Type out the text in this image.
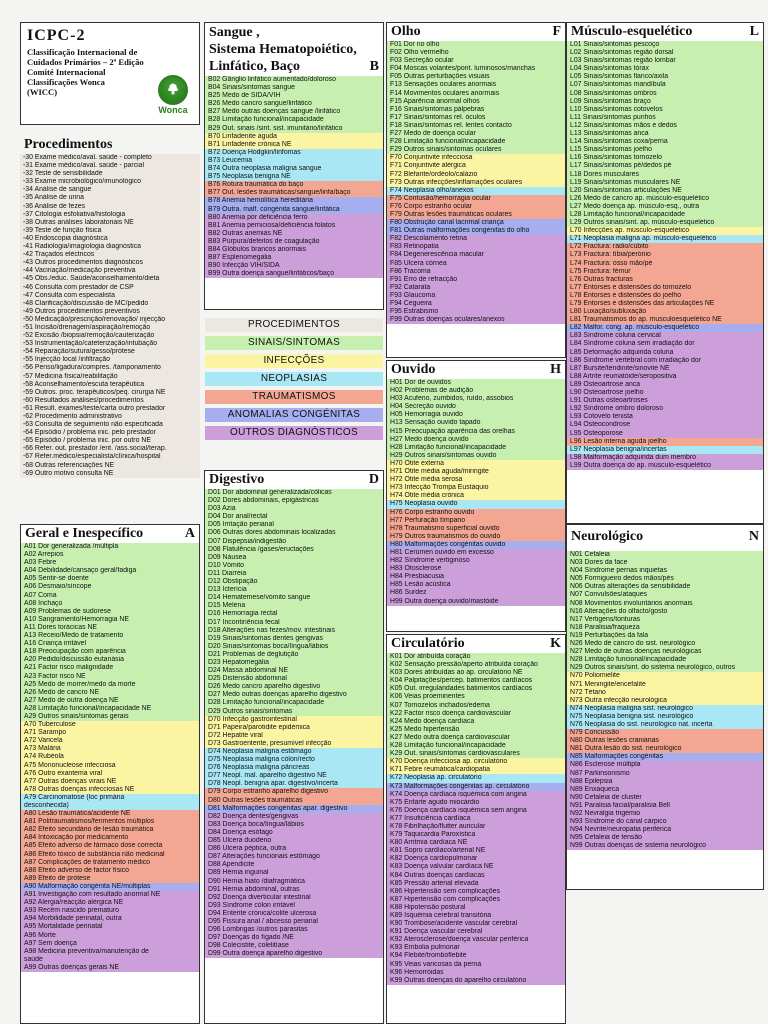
ICPC-2
Classificação Internacional de
Cuidados Primários – 2ª Edição
Comité Internacional
Classificações Wonca
(WICC)	✚
Wonca
Procedimentos
-30 Exame médico/aval. saúde - completo
-31 Exame médico/aval. saúde - parcial
-32 Teste de sensibilidade
-33 Exame microbiológico/imunológico
-34 Análise de sangue
-35 Análise de urina
-36 Análise de fezes
-37 Citologia esfoliativa/histologia
-38 Outras análises laboratoriais NE
-39 Teste de função física
-40 Endoscopia diagnóstica
-41 Radiologia/imagiologia diagnóstica
-42 Traçados eléctricos
-43 Outros procedimentos diagnósticos
-44 Vacinação/medicação preventiva
-45 Obs./educ. Saúde/aconselhamento/dieta
-46 Consulta com prestador de CSP
-47 Consulta com especialista
-48 Clarificação/discussão de MC/pedido
-49 Outros procedimentos preventivos
-50 Medicação/prescrição/renovação/ injecção
-51 Incisão/drenagem/aspiração/remoção
-52 Excisão /biopsia/remoção/cauterização
-53 Instrumentação/cateterização/intubação
-54 Reparação/sutura/gesso/prótese
-55 Injecção local /infiltração
-56 Penso/ligadura/compres. /tamponamento
-57 Medicina física/reabilitação
-58 Aconselhamento/escuta terapêutica
-59 Outros. proc. terapêuticos/peq. cirurgia NE
-60 Resultados análises/procedimentos
-61 Result. exames/teste/carta outro prestador
-62 Procedimento administrativo
-63 Consulta de seguimento não especificada
-64 Episódio / problema inic. pelo prestador
-65 Episódio / problema inic. por outro NE
-66 Refer. out. prestador /ent. /ass.social/terap.
-67 Refer.médico/especialista/clínica/hospital
-68 Outras referenciações NE
-69 Outro motivo consulta NE
Geral e Inespecífico	A
A01 Dor generalizada /múltipla
A02 Arrepios
A03 Febre
A04 Debilidade/cansaço geral/fadiga
A05 Sentir-se doente
A06 Desmaio/síncope
A07 Coma
A08 Inchaço
A09 Problemas de sudorese
A10 Sangramento/Hemorragia NE
A11 Dores torácicas NE
A13 Receio/Medo de tratamento
A16 Criança irritável
A18 Preocupação com aparência
A20 Pedido/discussão eutanásia
A21 Factor risco malignidade
A23 Factor risco NE
A25 Medo de morrer/medo da morte
A26 Medo de cancro NE
A27 Medo de outra doença NE
A28 Limitação funcional/incapacidade NE
A29 Outros sinais/sintomas gerais
A70 Tuberculose
A71 Sarampo
A72 Varicela
A73 Malária
A74 Rubéola
A75 Mononucleose infecciosa
A76 Outro exantema viral
A77 Outras doenças virais NE
A78 Outras doenças infecciosas NE
A79 Carcinomatose (loc primária
desconhecida)
A80 Lesão traumática/acidente NE
A81 Politraumatismos/ferimentos múltiplos
A82 Efeito secundário de lesão traumática
A84 Intoxicação por medicamento
A85 Efeito adverso de fármaco dose correcta
A86 Efeito tóxico de substância não medicinal
A87 Complicações de tratamento médico
A88 Efeito adverso de factor físico
A89 Efeito de prótese
A90 Malformação congénita NE/múltiplas
A91 Investigação com resultado anormal NE
A92 Alergia/reacção alérgica NE
A93 Recém nascido prematuro
A94 Morbilidade perinatal, outra
A95 Mortalidade perinatal
A96 Morte
A97 Sem doença
A98 Medicina preventiva/manutenção de
saúde
A99 Outras doenças gerais NE
Sangue ,
Sistema Hematopoiético,
Linfático, Baço	B
B02 Gânglio linfático aumentado/doloroso
B04 Sinais/sintomas sangue
B25 Medo de SIDA/VIH
B26 Medo cancro sangue/linfático
B27 Medo outras doenças sangue /linfático
B28 Limitação funcional/incapacidade
B29 Out. sinais /sint. sist. imunitário/linfático
B70 Linfadenite aguda
B71 Linfadenite crónica NE
B72 Doença Hodgkin/linfomas
B73 Leucemia
B74 Outra neoplasia maligna sangue
B75 Neoplasia benigna NE
B76 Rotura traumática do baço
B77 Out. lesões traumáticas/sangue/linfa/baço
B78 Anemia hemolítica hereditária
B79 Outra. malf. congénita sangue/linfática
B80 Anemia por deficiência ferro
B81 Anemia perniciosa/deficiência folatos
B82 Outras anemias NE
B83 Púrpura/defeitos de coagulação
B84 Glóbulos brancos anormais
B87 Esplenomegália
B90 Infecção VIH/SIDA
B99 Outra doença sangue/linfáticos/baço
PROCEDIMENTOS
SINAIS/SINTOMAS
INFECÇÕES
NEOPLASIAS
TRAUMATISMOS
ANOMALIAS CONGÉNITAS
OUTROS DIAGNÓSTICOS
Digestivo	D
D01 Dor abdominal generalizada/cólicas
D02 Dores abdominais, epigástricas
D03 Azia
D04 Dor anal/rectal
D05 Irritação perianal
D06 Outras dores abdominais localizadas
D07 Dispepsia/indigestão
D08 Flatulência /gases/eructações
D09 Náusea
D10 Vómito
D11 Diarreia
D12 Obstipação
D13 Icterícia
D14 Hematemese/vómito sangue
D15 Melena
D16 Hemorragia rectal
D17 Incontinência fecal
D18 Alterações nas fezes/mov. intestinais
D19 Sinais/sintomas dentes gengivas
D20 Sinais/sintomas boca/língua/lábios
D21 Problemas de deglutição
D23 Hepatomegália
D24 Massa abdominal NE
D25 Distensão abdominal
D26 Medo cancro aparelho digestivo
D27 Medo outras doenças aparelho digestivo
D28 Limitação funcional/incapacidade
D29 Outros sinais/sintomas
D70 Infecção gastrointestinal
D71 Papeira/parotidite epidémica
D72 Hepatite viral
D73 Gastroenterite, presumível infecção
D74 Neoplasia maligna estômago
D75 Neoplasia maligna cólon/recto
D76 Neoplasia maligna pâncreas
D77 Neopl. mal. aparelho digestivo NE
D78 Neopl. benigna apar. digestivo/incerta
D79 Corpo estranho aparelho digestivo
D80 Outras lesões traumáticas
D81 Malformações congénitas apar. digestivo
D82 Doença dentes/gengivas
D83 Doença boca/língua/lábios
D84 Doença esófago
D85 Úlcera duodeno
D86 Úlcera péptica, outra
D87 Alterações funcionais estômago
D88 Apendicite
D89 Hérnia inguinal
D90 Hérnia hiato /diafragmática
D91 Hérnia abdominal, outras
D92 Doença diverticular intestinal
D93 Síndrome cólon irritável
D94 Enterite crónica/colite ulcerosa
D95 Fissura anal / abcesso perianal
D96 Lombrigas /outros parasitas
D97 Doenças do fígado /NE
D98 Colecistite, colelitíase
D99 Outra doença aparelho digestivo
Olho	F
F01 Dor no olho
F02 Olho vermelho
F03 Secreção ocular
F04 Moscas volantes/pont. luminosos/manchas
F05 Outras perturbações visuais
F13 Sensações oculares anormais
F14 Movimentos oculares anormais
F15 Aparência anormal olhos
F16 Sinais/sintomas pálpebras
F17 Sinais/sintomas rel. óculos
F18 Sinais/sintomas rel. lentes contacto
F27 Medo de doença ocular
F28 Limitação funcional/incapacidade
F29 Outros sinais/sintomas oculares
F70 Conjuntivite infecciosa
F71 Conjuntivite alérgica
F72 Blefarite/ordéolo/calázio
F73 Outras infecções/inflamações oculares
F74 Neoplasia olho/anexos
F75 Contusão/hemorragia ocular
F76 Corpo estranho ocular
F79 Outras lesões traumáticas oculares
F80 Obstrução canal lacrimal criança
F81 Outras malformações congénitas do olho
F82 Descolamento retina
F83 Retinopatia
F84 Degenerescência macular
F85 Úlcera córnea
F86 Tracoma
F91 Erro de refracção
F92 Catarata
F93 Glaucoma
F94 Cegueira
F95 Estrabismo
F99 Outras doenças oculares/anexos
Ouvido	H
H01 Dor de ouvidos
H02 Problemas de audição
H03 Acufeno, zumbidos, ruído, assobios
H04 Secreção ouvido
H05 Hemorragia ouvido
H13 Sensação ouvido tapado
H15 Preocupação aparência das orelhas
H27 Medo doença ouvido
H28 Limitação funcional/incapacidade
H29 Outros sinais/sintomas ouvido
H70 Otite externa
H71 Otite média aguda/miringite
H72 Otite média serosa
H73 Infecção Trompa Eustáquio
H74 Otite média crónica
H75 Neoplasia ouvido
H76 Corpo estranho ouvido
H77 Perfuração tímpano
H78 Traumatismo superficial ouvido
H79 Outros traumatismos do ouvido
H80 Malformações congénitas ouvido
H81 Cerúmen ouvido em excesso
H82 Síndrome vertiginoso
H83 Otosclerose
H84 Presbiacusia
H85 Lesão acústica
H86 Surdez
H99 Outra doença ouvido/mastóide
Circulatório	K
K01 Dor atribuída coração
K02 Sensação pressão/aperto atribuída coração
K03 Dores atribuídas ao ap. circulatório NE
K04 Palpitações/percep. batimentos cardíacos
K05 Out. irregularidades batimentos cardíacos
K06 Veias proeminentes
K07 Tornozelos inchados/edema
K22 Factor risco doença cardiovascular
K24 Medo doença cardíaca
K25 Medo hipertensão
K27 Medo outra doença cardiovascular
K28 Limitação funcional/incapacidade
K29 Out. sinais/sintomas cardiovasculares
K70 Doença infecciosa ap. circulatório
K71 Febre reumática/cardiopatia
K72 Neoplasia ap. circulatório
K73 Malformações congénitas ap. circulatório
K74 Doença cardíaca isquémica com angina
K75 Enfarte agudo miocárdio
K76 Doença cardíaca isquémica sem angina
K77 Insuficiência cardíaca
K78 Fibrilhação/flutter auricular
K79 Taquicardia Paroxística
K80 Arritmia cardíaca NE
K81 Sopro cardíaco/arterial NE
K82 Doença cardiopulmonar
K83 Doença valvular cardíaca NE
K84 Outras doenças cardíacas
K85 Pressão arterial elevada
K86 Hipertensão sem complicações
K87 Hipertensão com complicações
K88 Hipotensão postural
K89 Isquémia cerebral transitória
K90 Trombose/acidente vascular cerebral
K91 Doença vascular cerebral
K92 Aterosclerose/doença vascular periférica
K93 Embolia pulmonar
K94 Flebite/tromboflebite
K95 Veias varicosas da perna
K96 Hemorróidas
K99 Outras doenças do aparelho circulatório
Músculo-esquelético	L
L01 Sinais/sintomas pescoço
L02 Sinais/sintomas região dorsal
L03 Sinais/sintomas região lombar
L04 Sinais/sintomas tórax
L05 Sinais/sintomas flanco/axila
L07 Sinais/sintomas mandíbula
L08 Sinais/sintomas ombros
L09 Sinais/sintomas braço
L10 Sinais/sintomas cotovelos
L11 Sinais/sintomas punhos
L12 Sinais/sintomas mãos e dedos
L13 Sinais/sintomas anca
L14 Sinais/sintomas coxa/perna
L15 Sinais/sintomas joelho
L16 Sinais/sintomas tornozelo
L17 Sinais/sintomas pé/dedos pé
L18 Dores musculares
L19 Sinais/sintomas musculares NE
L20 Sinais/sintomas articulações NE
L26 Medo de cancro ap. músculo-esquelético
L27 Medo doença ap. músculo-esq., outra
L28 Limitação funcional/incapacidade
L29 Outros sinais/sint. ap. músculo-esquelético
L70 Infecções ap. músculo-esquelético
L71 Neoplasia maligna ap. músculo-esquelético
L72 Fractura: rádio/cúbito
L73 Fractura: tíbia/perónio
L74 Fractura: osso mão/pé
L75 Fractura: fémur
L76 Outras fracturas
L77 Entorses e distensões do tornozelo
L78 Entorses e distensões do joelho
L79 Entorses e distensões das articulações NE
L80 Luxação/subluxação
L81 Traumatismos do ap. musculoesquelético NE
L82 Malfor. cong. ap. músculo-esquelético
L83 Síndrome coluna cervical
L84 Síndrome coluna sem irradiação dor
L85 Deformação adquirida coluna
L86 Síndrome vertebral com irradiação dor
L87 Bursite/tendinite/sinovite NE
L88 Artrite reumatóide/seropositiva
L89 Osteoartrose anca
L90 Osteoartrose joelho
L91 Outras osteoartroses
L92 Síndrome ombro doloroso
L93 Cotovelo tenista
L94 Osteocondrose
L95 Osteoporose
L96 Lesão interna aguda joelho
L97 Neoplasia benigna/incertas
L98 Malformação adquirida dum membro
L99 Outra doença do ap. músculo-esquelético
Neurológico	N
N01 Cefaleia
N03 Dores da face
N04 Síndrome pernas inquietas
N05 Formigueiro dedos mãos/pés
N06 Outras alterações da sensibilidade
N07 Convulsões/ataques
N08 Movimentos involuntários anormais
N16 Alterações do olfacto/gosto
N17 Vertigens/tonturas
N18 Paralisia/fraqueza
N19 Perturbações da fala
N26 Medo de cancro do sist. neurológico
N27 Medo de outras doenças neurológicas
N28 Limitação funcional/incapacidade
N29 Outros sinais/sint. do sistema neurológico, outros
N70 Poliomielite
N71 Meningite/encefalite
N72 Tétano
N73 Outra infecção neurológica
N74 Neoplasia maligna sist. neurológico
N75 Neoplasia benigna sist. neurológico
N76 Neoplasia do sist. neurológico nat. incerta
N79 Concussão
N80 Outras lesões cranianas
N81 Outra lesão do sist. neurológico
N85 Malformações congénitas
N86 Esclerose múltipla
N87 Parkinsonismo
N88 Epilepsia
N89 Enxaqueca
N90 Cefaleia de cluster
N91 Paralisia facial/paralisia Bell
N92 Nevralgia trigémio
N93 Síndrome do canal cárpico
N94 Nevrite/neuropatia periférica
N95 Cefaleia de tensão
N99 Outras doenças de sistema neurológico
